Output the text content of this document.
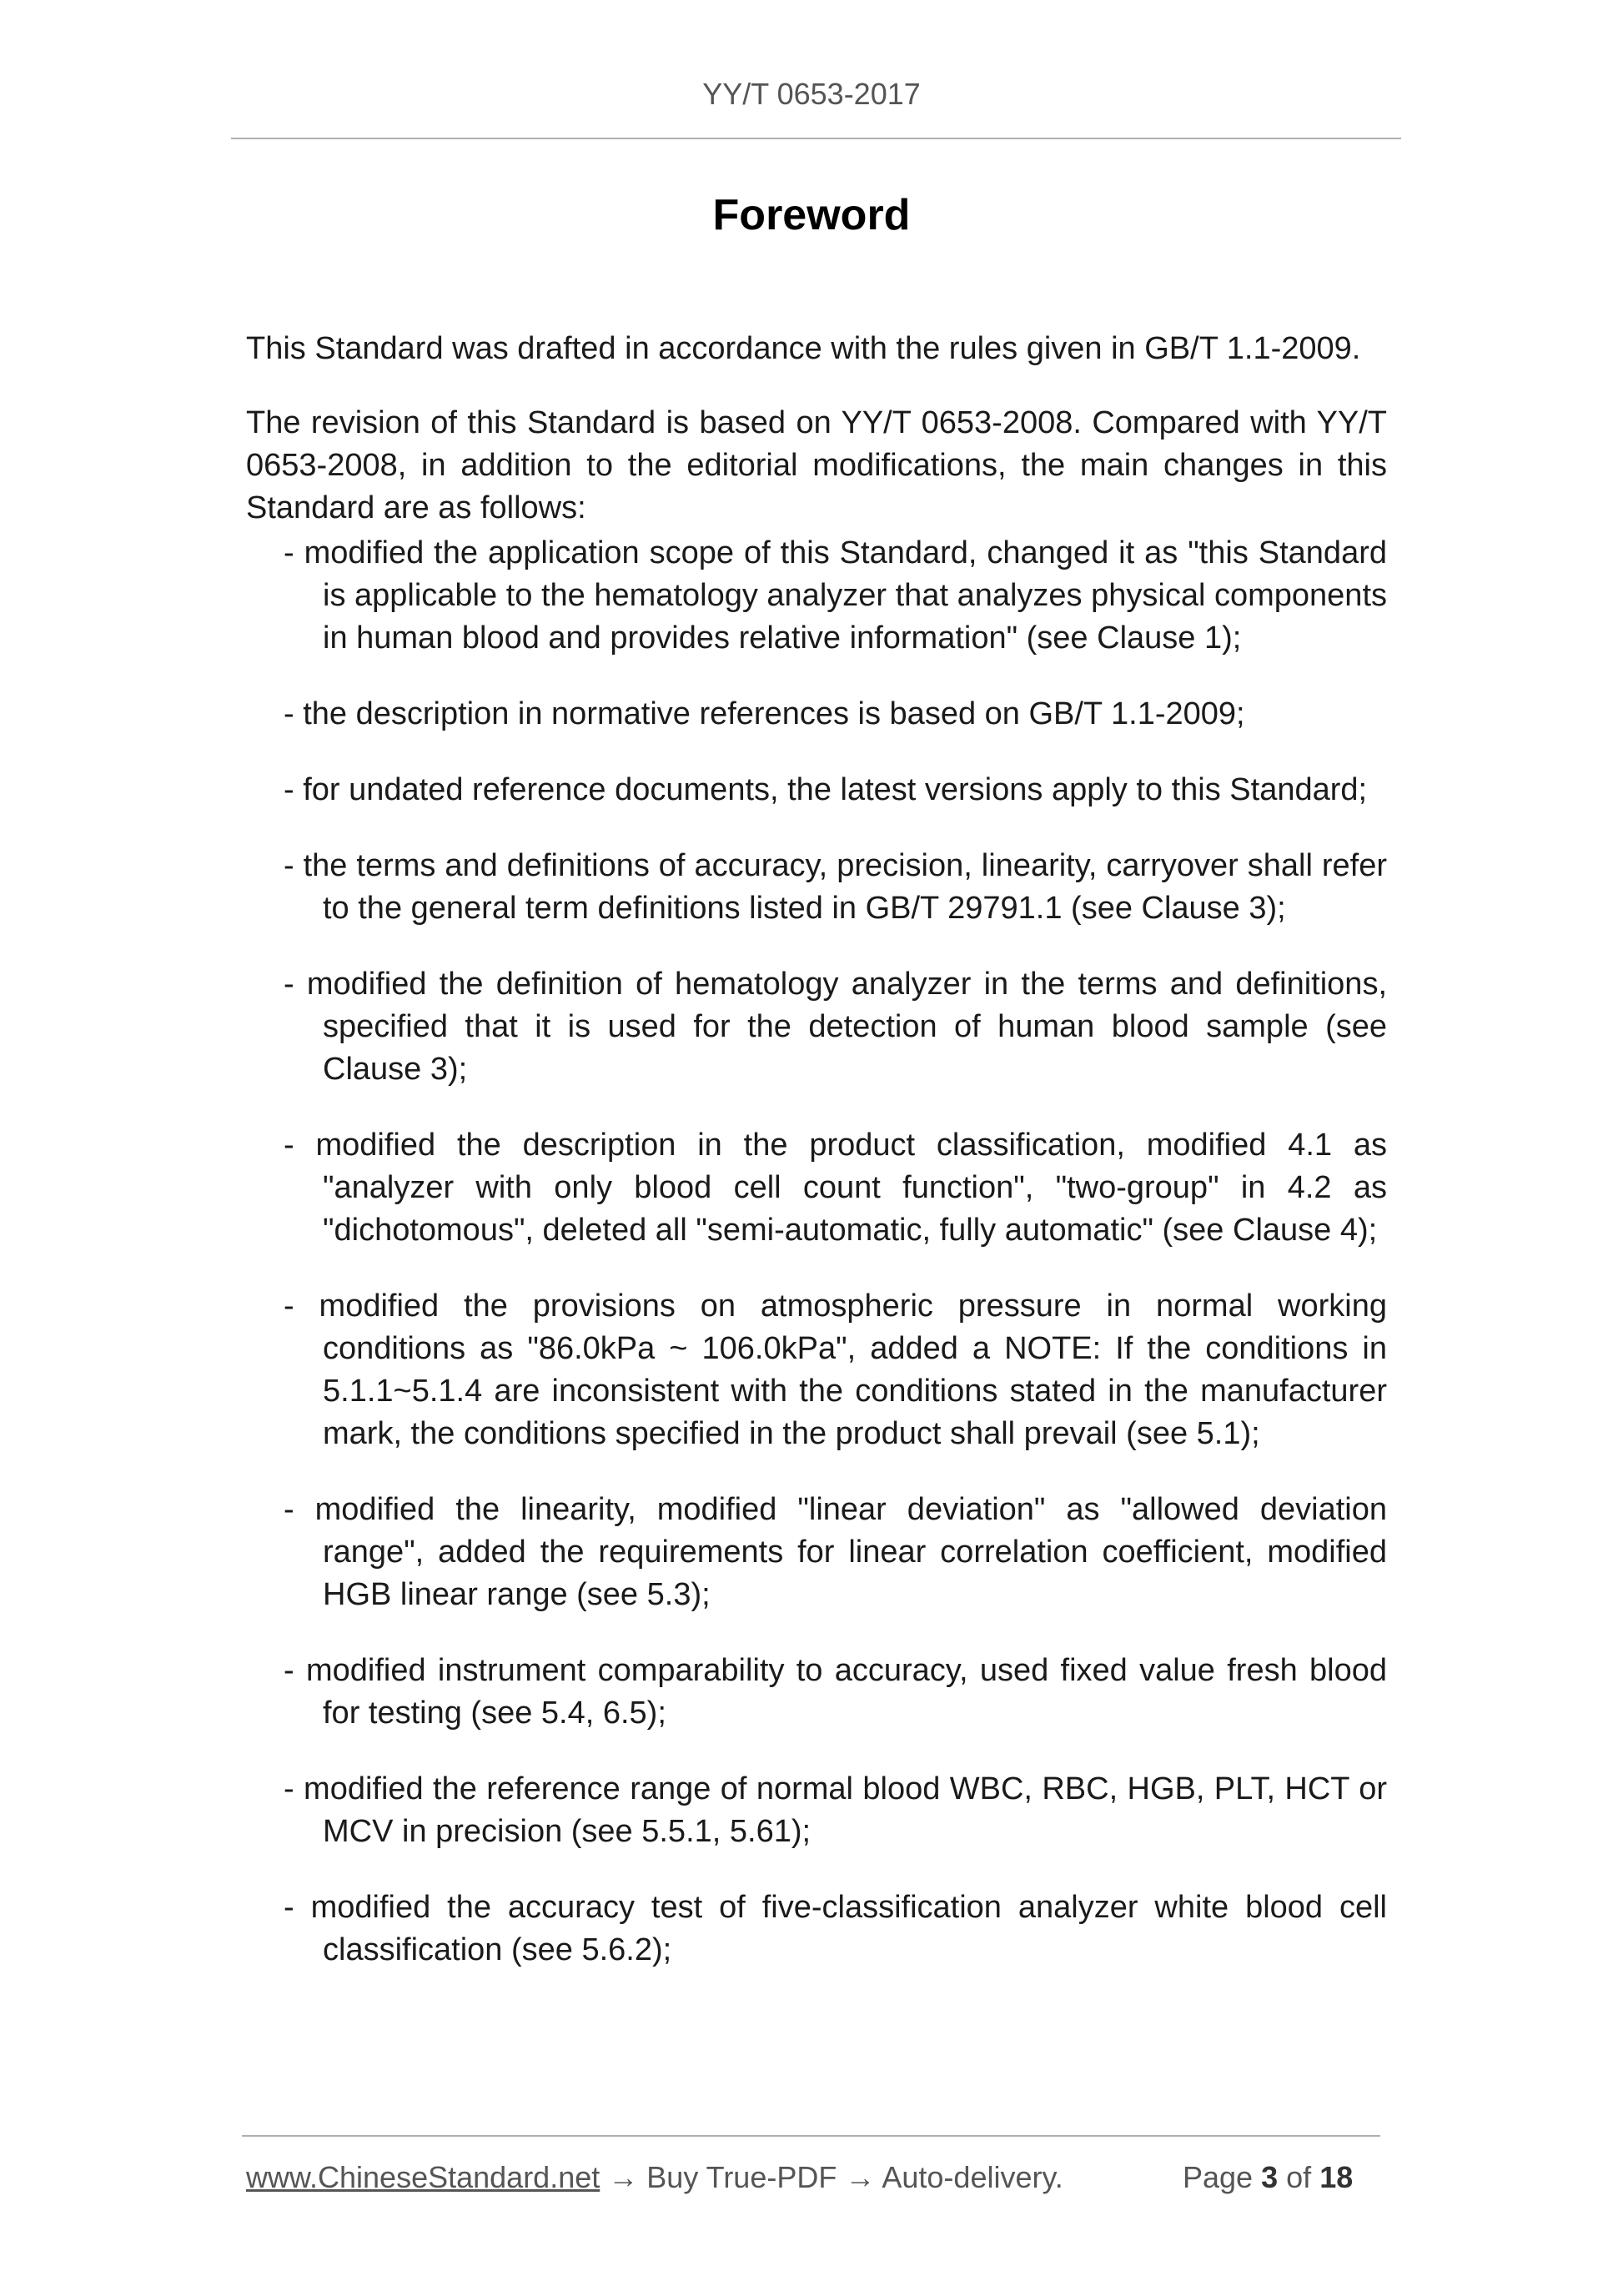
YY/T 0653-2017
Foreword

This Standard was drafted in accordance with the rules given in GB/T 1.1-2009.

The revision of this Standard is based on YY/T 0653-2008. Compared with YY/T 0653-2008, in addition to the editorial modifications, the main changes in this Standard are as follows:

- modified the application scope of this Standard, changed it as "this Standard is applicable to the hematology analyzer that analyzes physical components in human blood and provides relative information" (see Clause 1);
- the description in normative references is based on GB/T 1.1-2009;
- for undated reference documents, the latest versions apply to this Standard;
- the terms and definitions of accuracy, precision, linearity, carryover shall refer to the general term definitions listed in GB/T 29791.1 (see Clause 3);
- modified the definition of hematology analyzer in the terms and definitions, specified that it is used for the detection of human blood sample (see Clause 3);
- modified the description in the product classification, modified 4.1 as "analyzer with only blood cell count function", "two-group" in 4.2 as "dichotomous", deleted all "semi-automatic, fully automatic" (see Clause 4);
- modified the provisions on atmospheric pressure in normal working conditions as "86.0kPa ~ 106.0kPa", added a NOTE: If the conditions in 5.1.1~5.1.4 are inconsistent with the conditions stated in the manufacturer mark, the conditions specified in the product shall prevail (see 5.1);
- modified the linearity, modified "linear deviation" as "allowed deviation range", added the requirements for linear correlation coefficient, modified HGB linear range (see 5.3);
- modified instrument comparability to accuracy, used fixed value fresh blood for testing (see 5.4, 6.5);
- modified the reference range of normal blood WBC, RBC, HGB, PLT, HCT or MCV in precision (see 5.5.1, 5.61);
- modified the accuracy test of five-classification analyzer white blood cell classification (see 5.6.2);
www.ChineseStandard.net → Buy True-PDF → Auto-delivery.	Page 3 of 18
